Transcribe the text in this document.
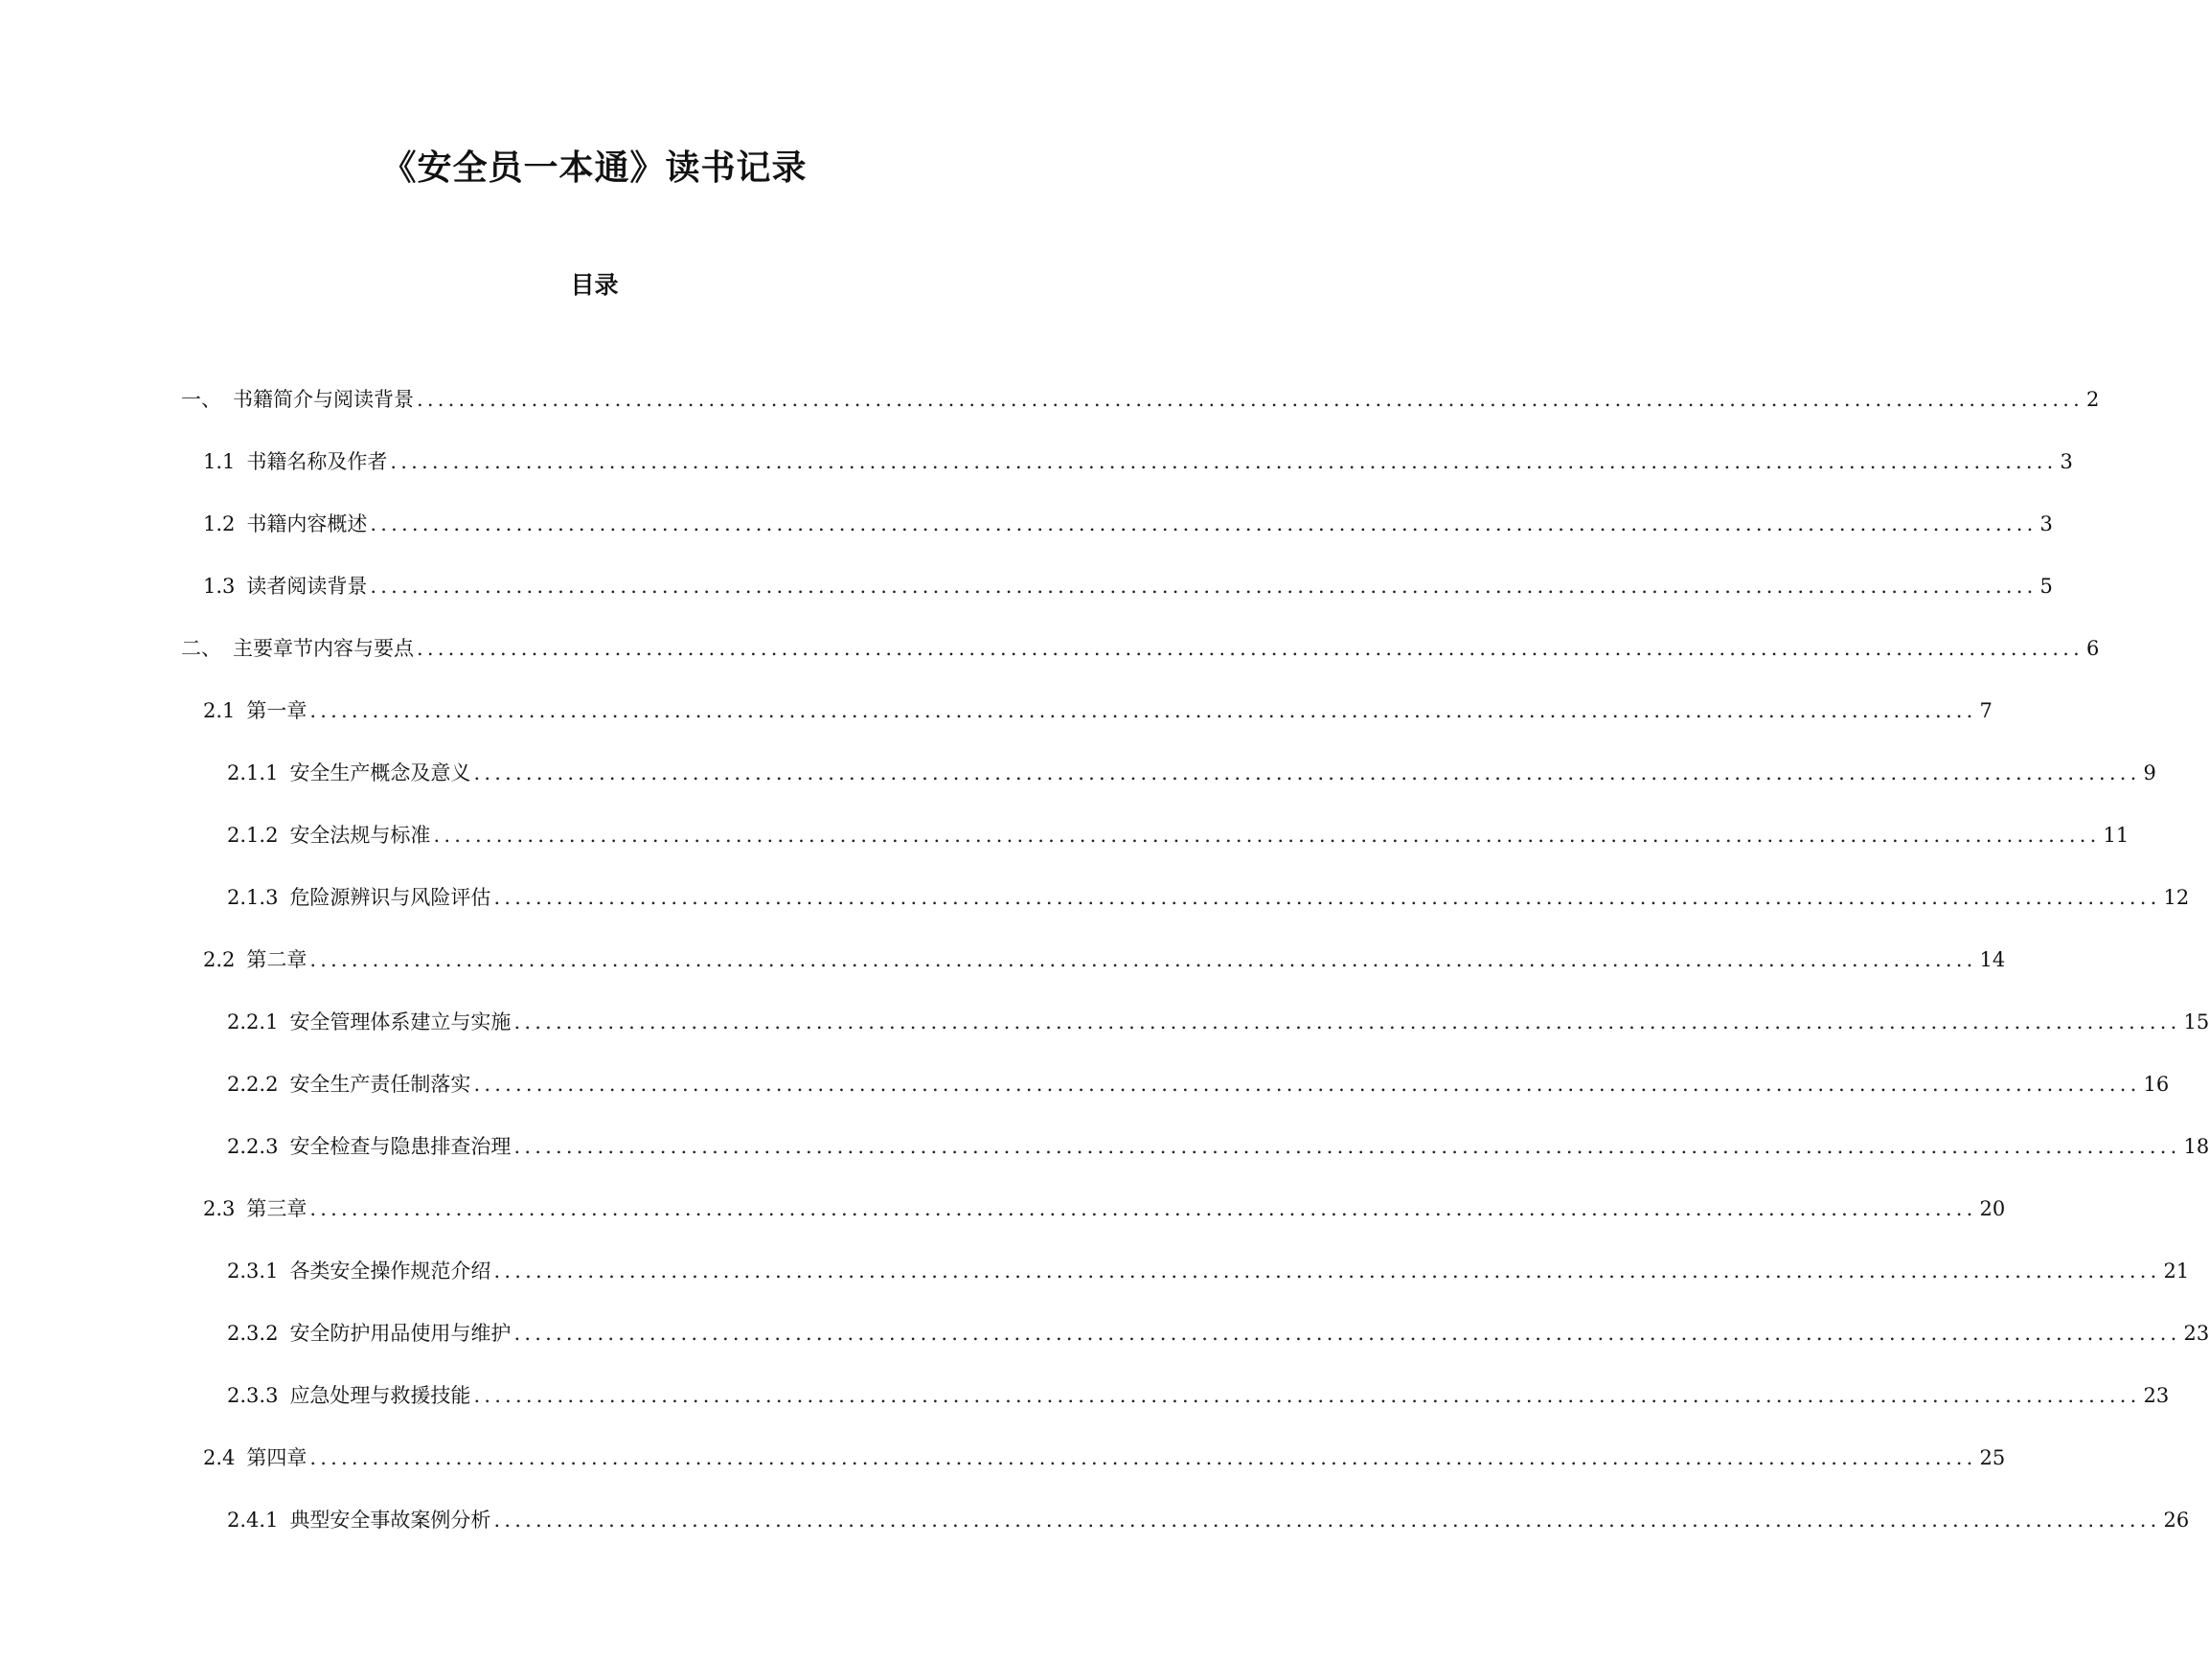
《安全员一本通》读书记录
目录
一、 书籍简介与阅读背景 ................................................................................................................................................................ 2
1.1 书籍名称及作者 ................................................................................................................................................................ 3
1.2 书籍内容概述 ................................................................................................................................................................ 3
1.3 读者阅读背景 ................................................................................................................................................................ 5
二、 主要章节内容与要点 ................................................................................................................................................................ 6
2.1 第一章 ................................................................................................................................................................ 7
2.1.1 安全生产概念及意义 ................................................................................................................................................................ 9
2.1.2 安全法规与标准 ................................................................................................................................................................ 11
2.1.3 危险源辨识与风险评估 ................................................................................................................................................................ 12
2.2 第二章 ................................................................................................................................................................ 14
2.2.1 安全管理体系建立与实施 ................................................................................................................................................................ 15
2.2.2 安全生产责任制落实 ................................................................................................................................................................ 16
2.2.3 安全检查与隐患排查治理 ................................................................................................................................................................ 18
2.3 第三章 ................................................................................................................................................................ 20
2.3.1 各类安全操作规范介绍 ................................................................................................................................................................ 21
2.3.2 安全防护用品使用与维护 ................................................................................................................................................................ 23
2.3.3 应急处理与救援技能 ................................................................................................................................................................ 23
2.4 第四章 ................................................................................................................................................................ 25
2.4.1 典型安全事故案例分析 ................................................................................................................................................................ 26
